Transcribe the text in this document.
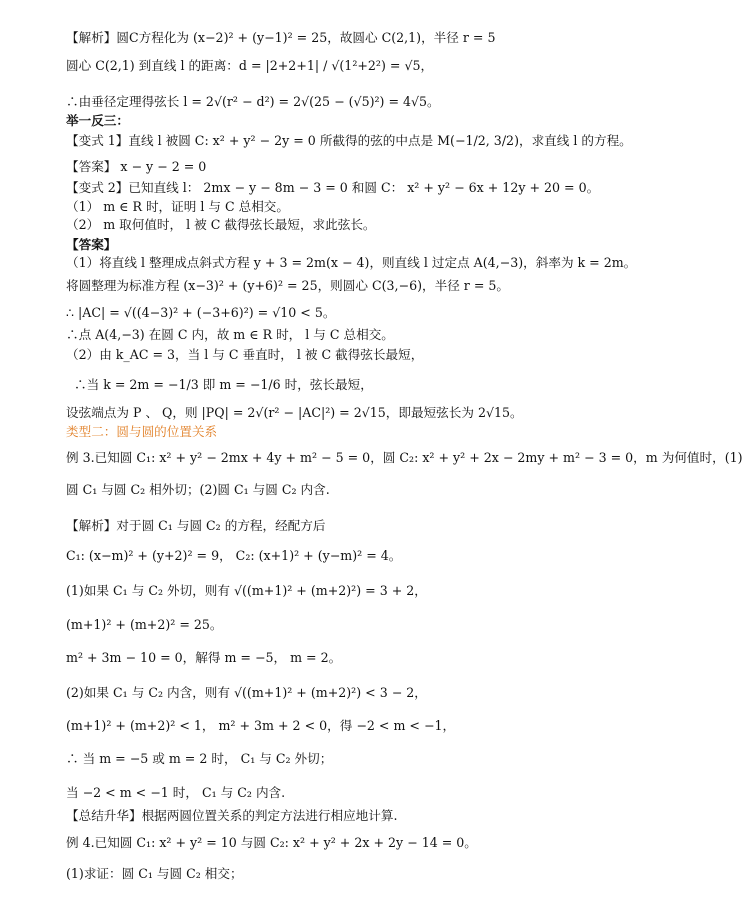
【解析】圆C方程化为 (x−2)² + (y−1)² = 25，故圆心 C(2,1)，半径 r = 5
圆心 C(2,1) 到直线 l 的距离：d = |2+2+1| / √(1²+2²) = √5，
∴由垂径定理得弦长 l = 2√(r² − d²) = 2√(25 − (√5)²) = 4√5。
举一反三：
【变式 1】直线 l 被圆 C: x² + y² − 2y = 0 所截得的弦的中点是 M(−1/2, 3/2)，求直线 l 的方程。
【答案】 x − y − 2 = 0
【变式 2】已知直线 l： 2mx − y − 8m − 3 = 0 和圆 C： x² + y² − 6x + 12y + 20 = 0。
（1） m ∈ R 时，证明 l 与 C 总相交。
（2） m 取何值时， l 被 C 截得弦长最短，求此弦长。
【答案】
（1）将直线 l 整理成点斜式方程 y + 3 = 2m(x − 4)，则直线 l 过定点 A(4,−3)，斜率为 k = 2m。
将圆整理为标准方程 (x−3)² + (y+6)² = 25，则圆心 C(3,−6)，半径 r = 5。
∴ |AC| = √((4−3)² + (−3+6)²) = √10 < 5。
∴点 A(4,−3) 在圆 C 内，故 m ∈ R 时， l 与 C 总相交。
（2）由 k_AC = 3，当 l 与 C 垂直时， l 被 C 截得弦长最短，
∴当 k = 2m = −1/3 即 m = −1/6 时，弦长最短，
设弦端点为 P 、 Q，则 |PQ| = 2√(r² − |AC|²) = 2√15，即最短弦长为 2√15。
类型二：圆与圆的位置关系
例 3.已知圆 C₁: x² + y² − 2mx + 4y + m² − 5 = 0，圆 C₂: x² + y² + 2x − 2my + m² − 3 = 0，m 为何值时，(1)
圆 C₁ 与圆 C₂ 相外切；(2)圆 C₁ 与圆 C₂ 内含.
【解析】对于圆 C₁ 与圆 C₂ 的方程，经配方后
C₁: (x−m)² + (y+2)² = 9， C₂: (x+1)² + (y−m)² = 4。
(1)如果 C₁ 与 C₂ 外切，则有 √((m+1)² + (m+2)²) = 3 + 2，
(m+1)² + (m+2)² = 25。
m² + 3m − 10 = 0，解得 m = −5， m = 2。
(2)如果 C₁ 与 C₂ 内含，则有 √((m+1)² + (m+2)²) < 3 − 2，
(m+1)² + (m+2)² < 1， m² + 3m + 2 < 0，得 −2 < m < −1，
∴ 当 m = −5 或 m = 2 时， C₁ 与 C₂ 外切；
当 −2 < m < −1 时， C₁ 与 C₂ 内含.
【总结升华】根据两圆位置关系的判定方法进行相应地计算.
例 4.已知圆 C₁: x² + y² = 10 与圆 C₂: x² + y² + 2x + 2y − 14 = 0。
(1)求证：圆 C₁ 与圆 C₂ 相交；
